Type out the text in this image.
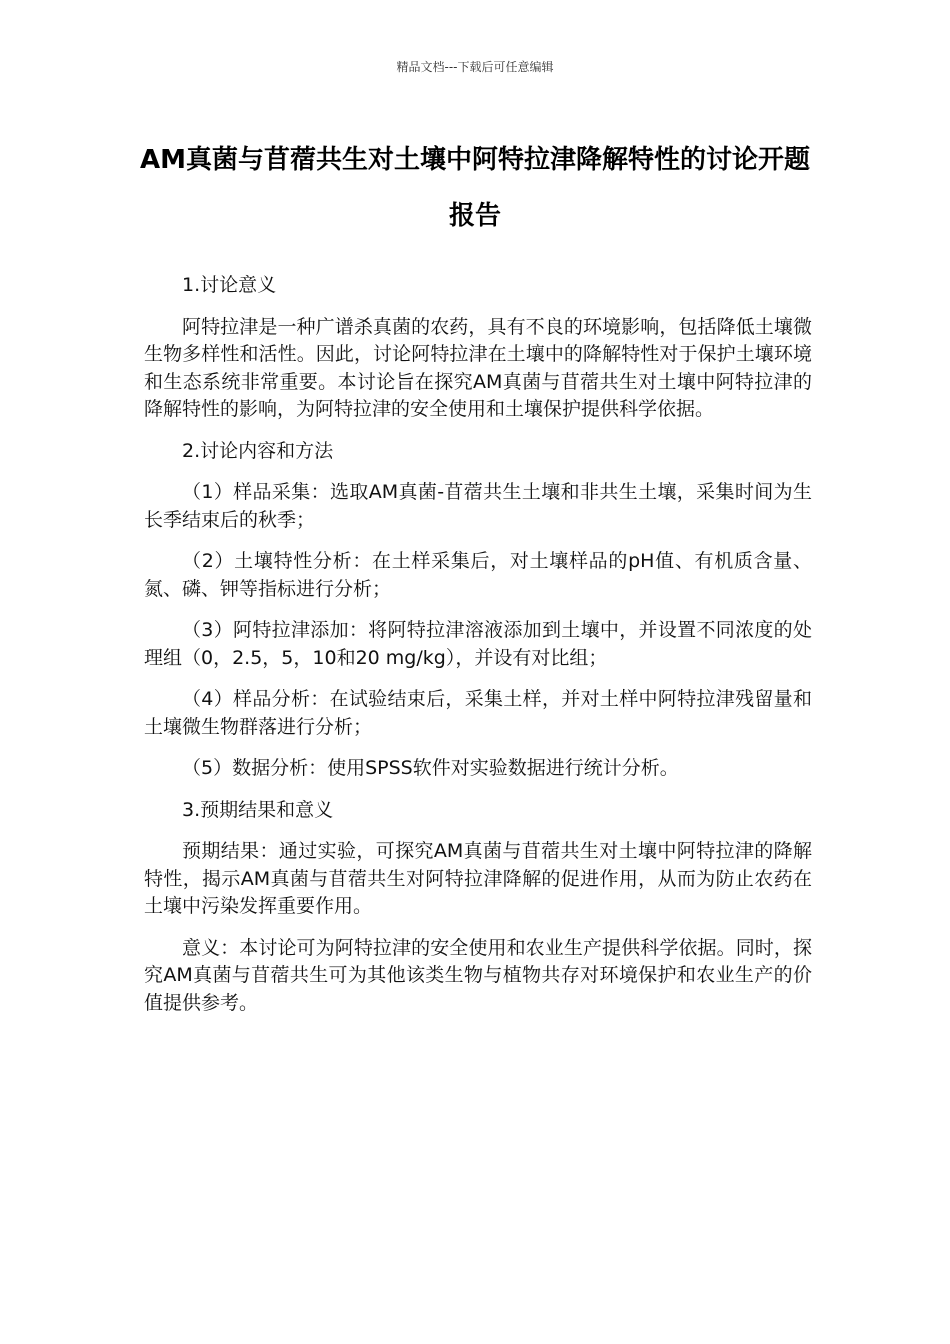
精品文档---下载后可任意编辑
AM真菌与苜蓿共生对土壤中阿特拉津降解特性的讨论开题报告

1.讨论意义

阿特拉津是一种广谱杀真菌的农药，具有不良的环境影响，包括降低土壤微生物多样性和活性。因此，讨论阿特拉津在土壤中的降解特性对于保护土壤环境和生态系统非常重要。本讨论旨在探究AM真菌与苜蓿共生对土壤中阿特拉津的降解特性的影响，为阿特拉津的安全使用和土壤保护提供科学依据。

2.讨论内容和方法

（1）样品采集：选取AM真菌-苜蓿共生土壤和非共生土壤，采集时间为生长季结束后的秋季；

（2）土壤特性分析：在土样采集后，对土壤样品的pH值、有机质含量、氮、磷、钾等指标进行分析；

（3）阿特拉津添加：将阿特拉津溶液添加到土壤中，并设置不同浓度的处理组（0，2.5，5，10和20 mg/kg），并设有对比组；

（4）样品分析：在试验结束后，采集土样，并对土样中阿特拉津残留量和土壤微生物群落进行分析；

（5）数据分析：使用SPSS软件对实验数据进行统计分析。

3.预期结果和意义

预期结果：通过实验，可探究AM真菌与苜蓿共生对土壤中阿特拉津的降解特性，揭示AM真菌与苜蓿共生对阿特拉津降解的促进作用，从而为防止农药在土壤中污染发挥重要作用。

意义：本讨论可为阿特拉津的安全使用和农业生产提供科学依据。同时，探究AM真菌与苜蓿共生可为其他该类生物与植物共存对环境保护和农业生产的价值提供参考。
